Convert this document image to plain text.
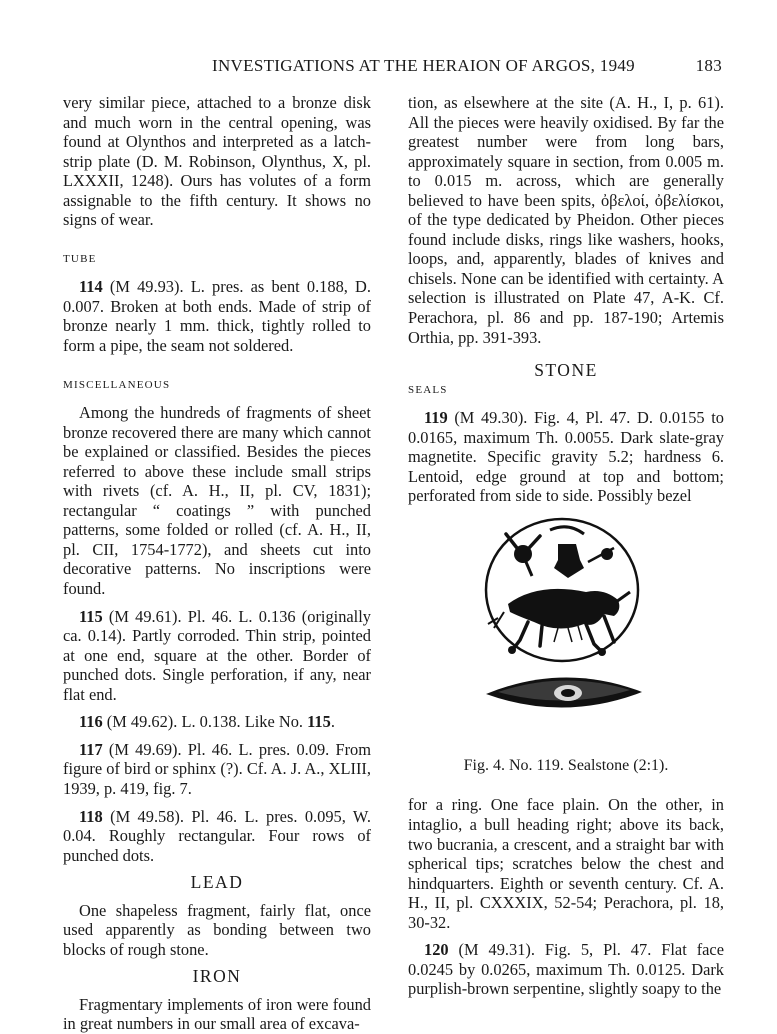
INVESTIGATIONS AT THE HERAION OF ARGOS, 1949	183

very similar piece, attached to a bronze disk and much worn in the central opening, was found at Olynthos and interpreted as a latch-strip plate (D. M. Robinson, Olynthus, X, pl. LXXXII, 1248). Ours has volutes of a form assignable to the fifth century. It shows no signs of wear.

TUBE

114 (M 49.93). L. pres. as bent 0.188, D. 0.007. Broken at both ends. Made of strip of bronze nearly 1 mm. thick, tightly rolled to form a pipe, the seam not soldered.

MISCELLANEOUS

Among the hundreds of fragments of sheet bronze recovered there are many which cannot be explained or classified. Besides the pieces referred to above these include small strips with rivets (cf. A. H., II, pl. CV, 1831); rectangular “ coatings ” with punched patterns, some folded or rolled (cf. A. H., II, pl. CII, 1754-1772), and sheets cut into decorative patterns. No inscriptions were found.

115 (M 49.61). Pl. 46. L. 0.136 (originally ca. 0.14). Partly corroded. Thin strip, pointed at one end, square at the other. Border of punched dots. Single perforation, if any, near flat end.

116 (M 49.62). L. 0.138. Like No. 115.

117 (M 49.69). Pl. 46. L. pres. 0.09. From figure of bird or sphinx (?). Cf. A. J. A., XLIII, 1939, p. 419, fig. 7.

118 (M 49.58). Pl. 46. L. pres. 0.095, W. 0.04. Roughly rectangular. Four rows of punched dots.

LEAD

One shapeless fragment, fairly flat, once used apparently as bonding between two blocks of rough stone.

IRON

Fragmentary implements of iron were found in great numbers in our small area of excava-

tion, as elsewhere at the site (A. H., I, p. 61). All the pieces were heavily oxidised. By far the greatest number were from long bars, approximately square in section, from 0.005 m. to 0.015 m. across, which are generally believed to have been spits, ὀβελοί, ὀβελίσκοι, of the type dedicated by Pheidon. Other pieces found include disks, rings like washers, hooks, loops, and, apparently, blades of knives and chisels. None can be identified with certainty. A selection is illustrated on Plate 47, A-K. Cf. Perachora, pl. 86 and pp. 187-190; Artemis Orthia, pp. 391-393.

STONE

SEALS

119 (M 49.30). Fig. 4, Pl. 47. D. 0.0155 to 0.0165, maximum Th. 0.0055. Dark slate-gray magnetite. Specific gravity 5.2; hardness 6. Lentoid, edge ground at top and bottom; perforated from side to side. Possibly bezel

Fig. 4. No. 119. Sealstone (2:1).

for a ring. One face plain. On the other, in intaglio, a bull heading right; above its back, two bucrania, a crescent, and a straight bar with spherical tips; scratches below the chest and hindquarters. Eighth or seventh century. Cf. A. H., II, pl. CXXXIX, 52-54; Perachora, pl. 18, 30-32.

120 (M 49.31). Fig. 5, Pl. 47. Flat face 0.0245 by 0.0265, maximum Th. 0.0125. Dark purplish-brown serpentine, slightly soapy to the
